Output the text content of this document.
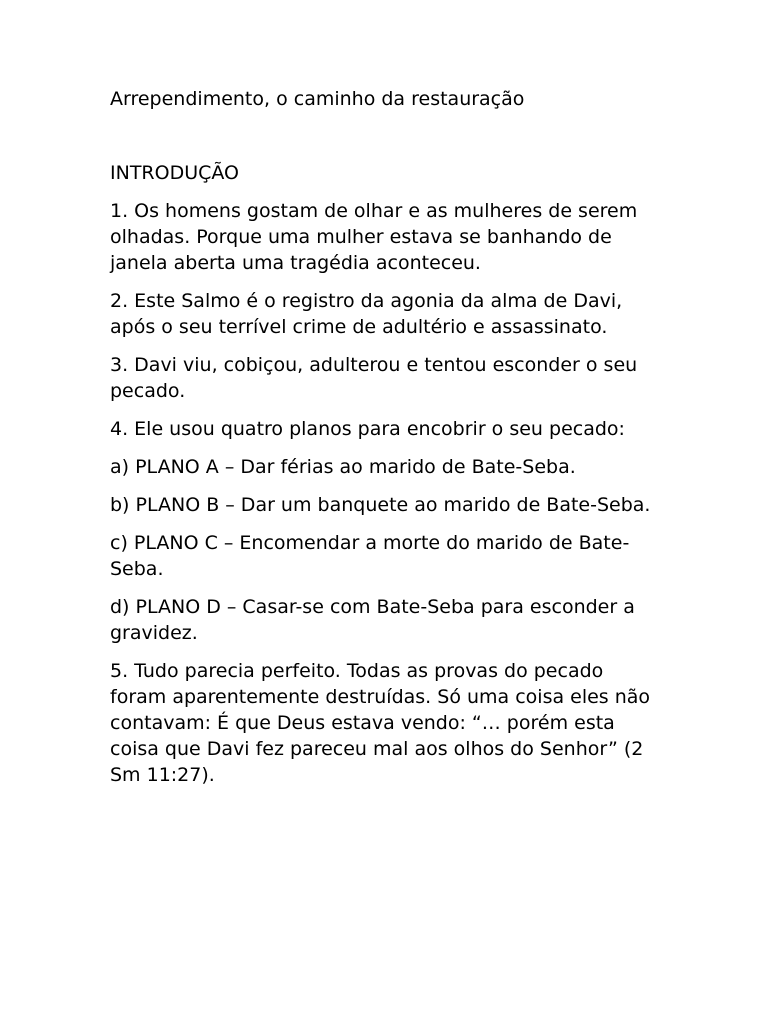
Arrependimento, o caminho da restauração
INTRODUÇÃO

1. Os homens gostam de olhar e as mulheres de serem olhadas. Porque uma mulher estava se banhando de janela aberta uma tragédia aconteceu.

2. Este Salmo é o registro da agonia da alma de Davi, após o seu terrível crime de adultério e assassinato.

3. Davi viu, cobiçou, adulterou e tentou esconder o seu pecado.

4. Ele usou quatro planos para encobrir o seu pecado:

a) PLANO A – Dar férias ao marido de Bate-Seba.

b) PLANO B – Dar um banquete ao marido de Bate-Seba.

c) PLANO C – Encomendar a morte do marido de Bate-Seba.

d) PLANO D – Casar-se com Bate-Seba para esconder a gravidez.

5. Tudo parecia perfeito. Todas as provas do pecado foram aparentemente destruídas. Só uma coisa eles não contavam: É que Deus estava vendo: “… porém esta coisa que Davi fez pareceu mal aos olhos do Senhor” (2 Sm 11:27).
